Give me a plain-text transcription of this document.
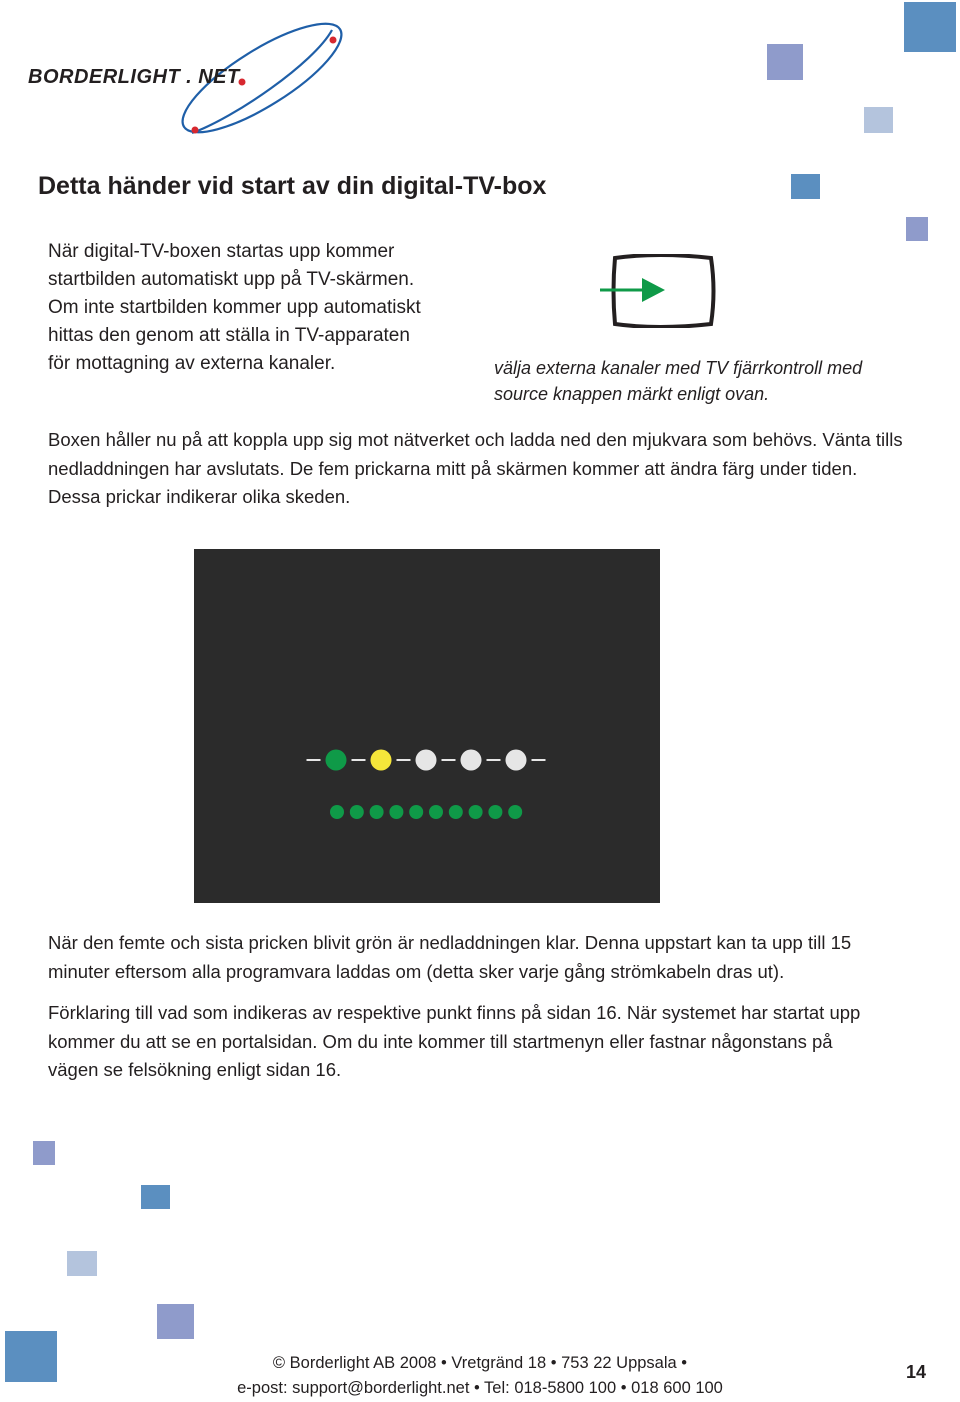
BORDERLIGHT . NET
Detta händer vid start av din digital-TV-box

När digital-TV-boxen startas upp kommer startbilden automatiskt upp på TV-skärmen. Om inte startbilden kommer upp automatiskt hittas den genom att ställa in TV-apparaten för mottagning av externa kanaler.	välja externa kanaler med TV fjärrkontroll med source knappen märkt enligt ovan.

Boxen håller nu på att koppla upp sig mot nätverket och ladda ned den mjukvara som behövs. Vänta tills nedladdningen har avslutats. De fem prickarna mitt på skärmen kommer att ändra färg under tiden. Dessa prickar indikerar olika skeden.

När den femte och sista pricken blivit grön är nedladdningen klar. Denna uppstart kan ta upp till 15 minuter eftersom alla programvara laddas om (detta sker varje gång strömkabeln dras ut).

Förklaring till vad som indikeras av respektive punkt finns på sidan 16. När systemet har startat upp kommer du att se en portalsidan. Om du inte kommer till startmenyn eller fastnar någonstans på vägen se felsökning enligt sidan 16.

© Borderlight AB 2008 • Vretgränd 18 • 753 22 Uppsala •
e-post: support@borderlight.net • Tel: 018-5800 100 • 018 600 100
14
